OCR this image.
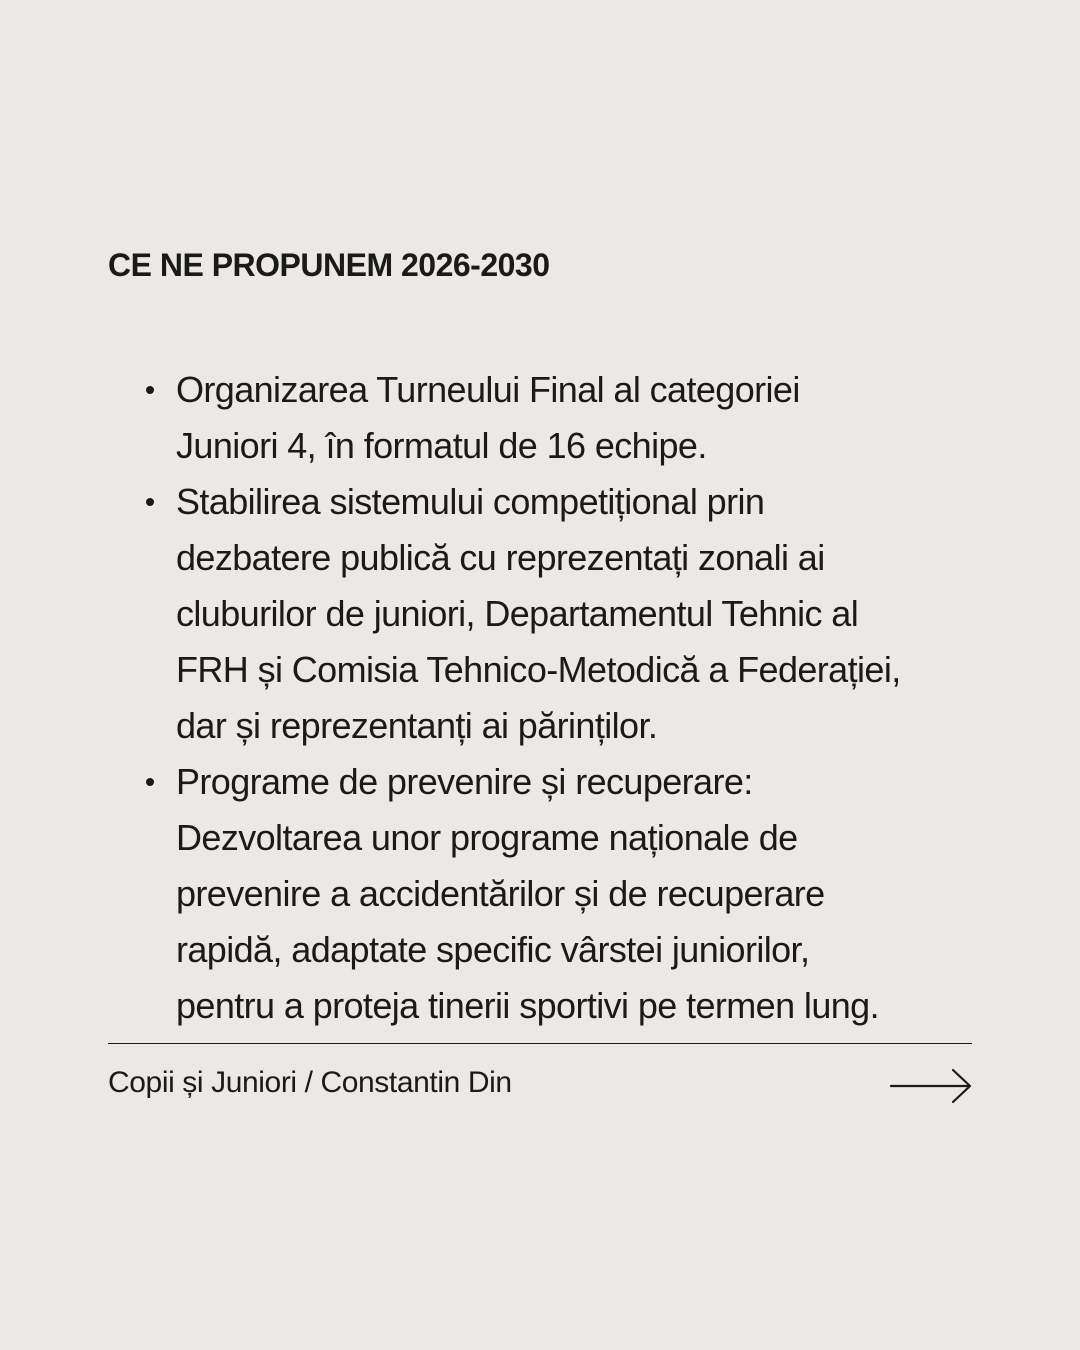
CE NE PROPUNEM 2026-2030
Organizarea Turneului Final al categoriei
Juniori 4, în formatul de 16 echipe.
Stabilirea sistemului competițional prin
dezbatere publică cu reprezentați zonali ai
cluburilor de juniori, Departamentul Tehnic al
FRH și Comisia Tehnico-Metodică a Federației,
dar și reprezentanți ai părinților.
Programe de prevenire și recuperare:
Dezvoltarea unor programe naționale de
prevenire a accidentărilor și de recuperare
rapidă, adaptate specific vârstei juniorilor,
pentru a proteja tinerii sportivi pe termen lung.
Copii și Juniori / Constantin Din
